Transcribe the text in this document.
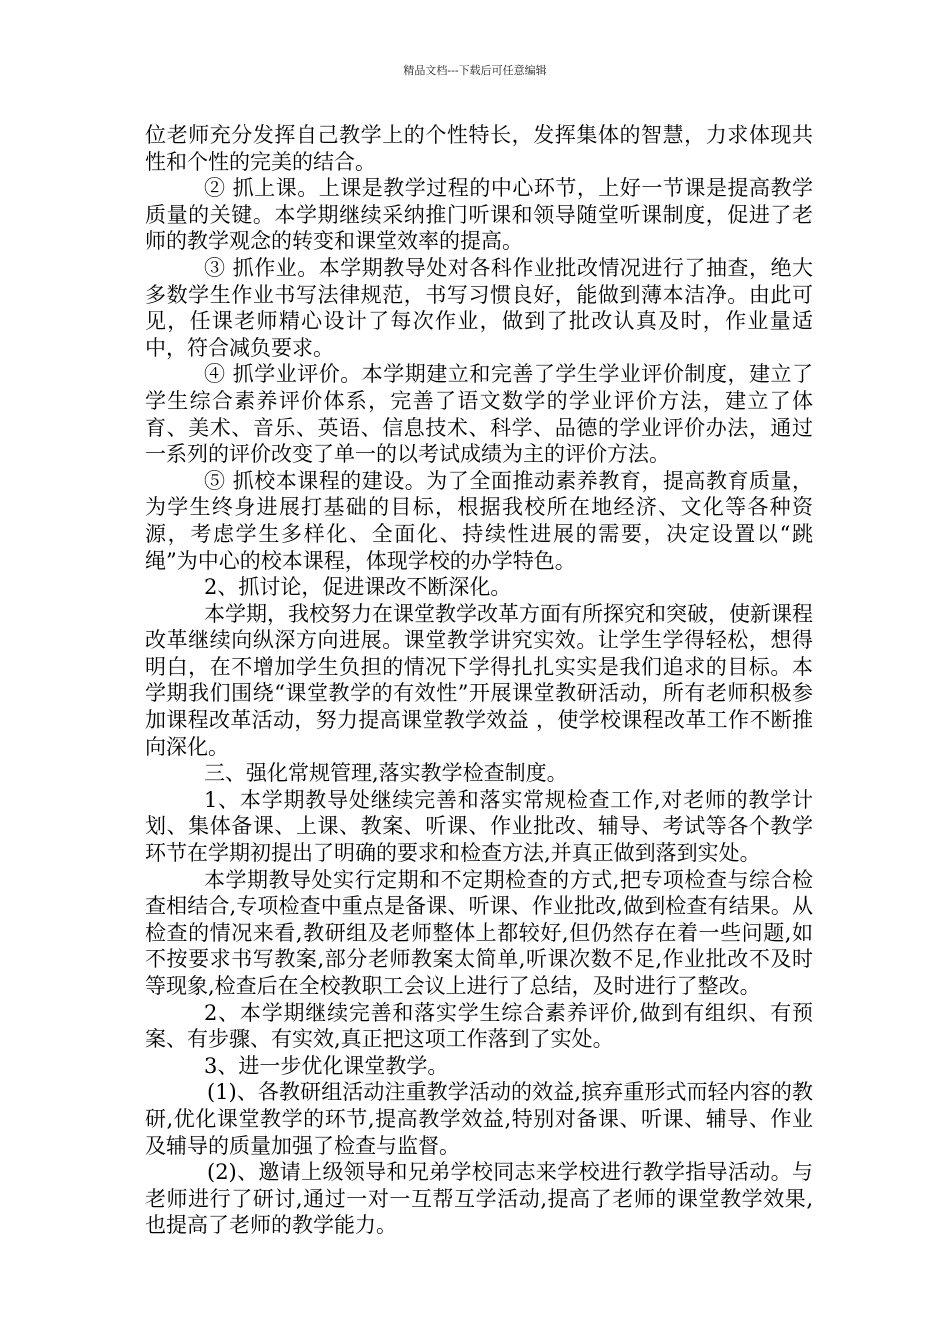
精品文档---下载后可任意编辑

位老师充分发挥自己教学上的个性特长，发挥集体的智慧，力求体现共性和个性的完美的结合。

② 抓上课。上课是教学过程的中心环节，上好一节课是提高教学质量的关键。本学期继续采纳推门听课和领导随堂听课制度，促进了老师的教学观念的转变和课堂效率的提高。

③ 抓作业。本学期教导处对各科作业批改情况进行了抽查，绝大多数学生作业书写法律规范，书写习惯良好，能做到薄本洁净。由此可见，任课老师精心设计了每次作业，做到了批改认真及时，作业量适中，符合减负要求。

④ 抓学业评价。本学期建立和完善了学生学业评价制度，建立了学生综合素养评价体系，完善了语文数学的学业评价方法，建立了体育、美术、音乐、英语、信息技术、科学、品德的学业评价办法，通过一系列的评价改变了单一的以考试成绩为主的评价方法。

⑤ 抓校本课程的建设。为了全面推动素养教育，提高教育质量，为学生终身进展打基础的目标，根据我校所在地经济、文化等各种资源，考虑学生多样化、全面化、持续性进展的需要，决定设置以“跳绳”为中心的校本课程，体现学校的办学特色。

2、抓讨论，促进课改不断深化。

本学期，我校努力在课堂教学改革方面有所探究和突破，使新课程改革继续向纵深方向进展。课堂教学讲究实效。让学生学得轻松，想得明白，在不增加学生负担的情况下学得扎扎实实是我们追求的目标。本学期我们围绕“课堂教学的有效性”开展课堂教研活动，所有老师积极参加课程改革活动，努力提高课堂教学效益 ，使学校课程改革工作不断推向深化。

三、强化常规管理,落实教学检查制度。

1、本学期教导处继续完善和落实常规检查工作,对老师的教学计划、集体备课、上课、教案、听课、作业批改、辅导、考试等各个教学环节在学期初提出了明确的要求和检查方法,并真正做到落到实处。

本学期教导处实行定期和不定期检查的方式,把专项检查与综合检查相结合,专项检查中重点是备课、听课、作业批改,做到检查有结果。从检查的情况来看,教研组及老师整体上都较好,但仍然存在着一些问题,如不按要求书写教案,部分老师教案太简单,听课次数不足,作业批改不及时等现象,检查后在全校教职工会议上进行了总结，及时进行了整改。

2、本学期继续完善和落实学生综合素养评价,做到有组织、有预案、有步骤、有实效,真正把这项工作落到了实处。

3、进一步优化课堂教学。

(1)、各教研组活动注重教学活动的效益,摈弃重形式而轻内容的教研,优化课堂教学的环节,提高教学效益,特别对备课、听课、辅导、作业及辅导的质量加强了检查与监督。

(2)、邀请上级领导和兄弟学校同志来学校进行教学指导活动。与老师进行了研讨,通过一对一互帮互学活动,提高了老师的课堂教学效果,也提高了老师的教学能力。
